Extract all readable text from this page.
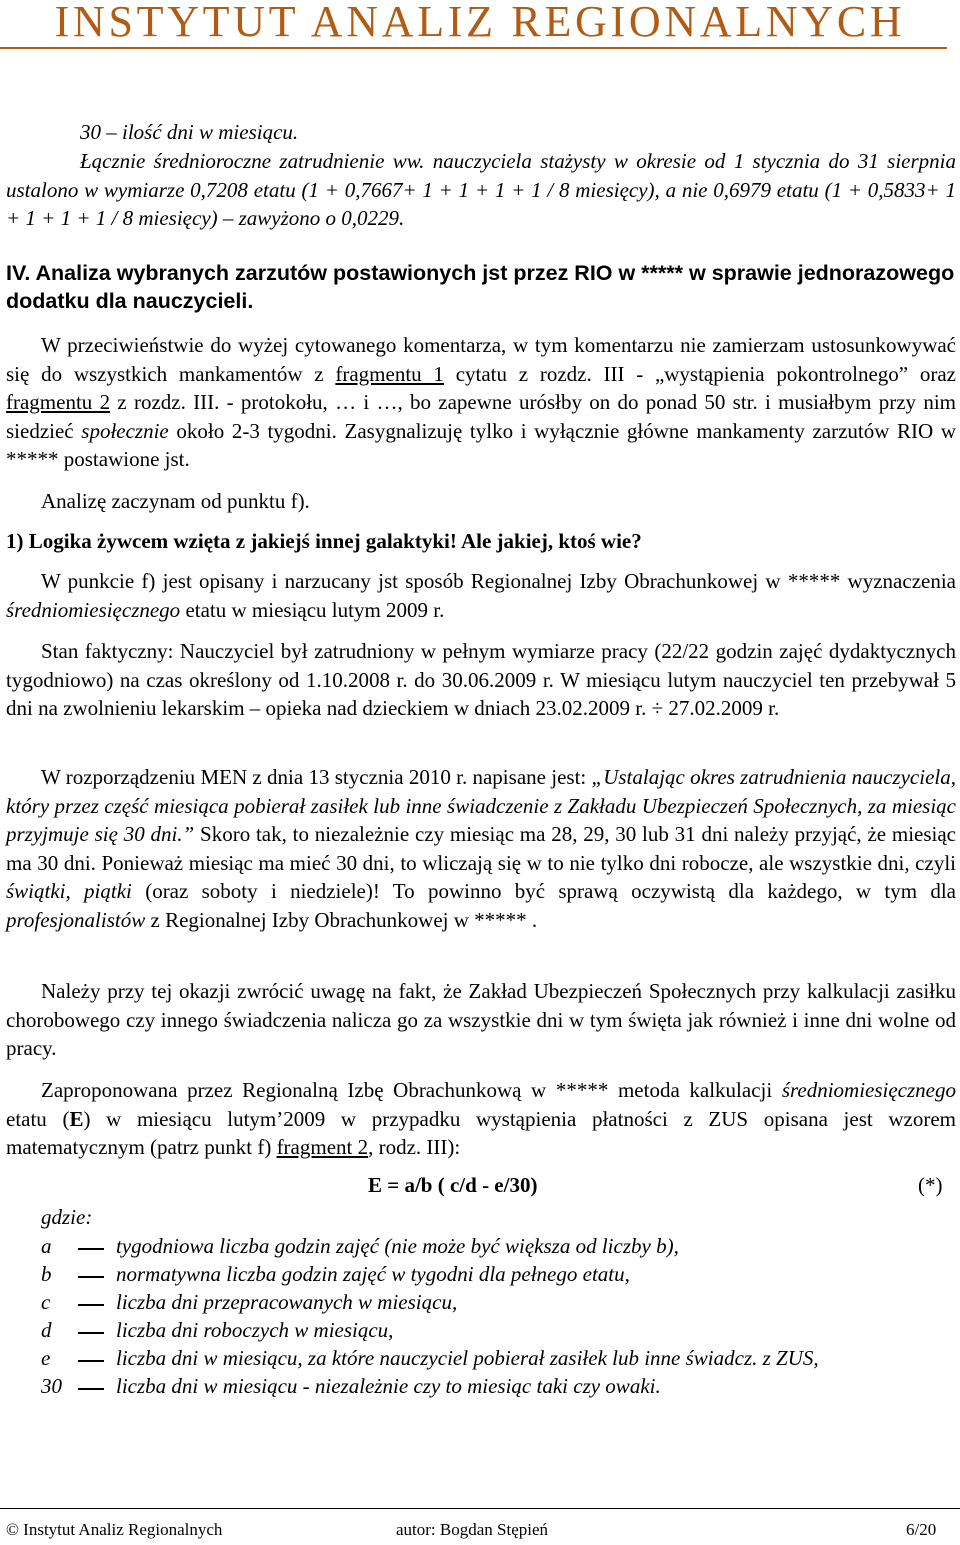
INSTYTUT ANALIZ REGIONALNYCH
30 – ilość dni w miesiącu.
Łącznie średnioroczne zatrudnienie ww. nauczyciela stażysty w okresie od 1 stycznia do 31 sierpnia ustalono w wymiarze 0,7208 etatu (1 + 0,7667+ 1 + 1 + 1 + 1 / 8 miesięcy), a nie 0,6979 etatu (1 + 0,5833+ 1 + 1 + 1 + 1 / 8 miesięcy) – zawyżono o 0,0229.
IV. Analiza wybranych zarzutów postawionych jst przez RIO w ***** w sprawie jednorazowego dodatku dla nauczycieli.
W przeciwieństwie do wyżej cytowanego komentarza, w tym komentarzu nie zamierzam ustosunkowywać się do wszystkich mankamentów z fragmentu 1 cytatu z rozdz. III - „wystąpienia pokontrolnego” oraz fragmentu 2 z rozdz. III. - protokołu, … i …, bo zapewne urósłby on do ponad 50 str. i musiałbym przy nim siedzieć społecznie około 2-3 tygodni. Zasygnalizuję tylko i wyłącznie główne mankamenty zarzutów RIO w ***** postawione jst.
Analizę zaczynam od punktu f).
1) Logika żywcem wzięta z jakiejś innej galaktyki! Ale jakiej, ktoś wie?
W punkcie f) jest opisany i narzucany jst sposób Regionalnej Izby Obrachunkowej w ***** wyznaczenia średniomiesięcznego etatu w miesiącu lutym 2009 r.
Stan faktyczny: Nauczyciel był zatrudniony w pełnym wymiarze pracy (22/22 godzin zajęć dydaktycznych tygodniowo) na czas określony od 1.10.2008 r. do 30.06.2009 r. W miesiącu lutym nauczyciel ten przebywał 5 dni na zwolnieniu lekarskim – opieka nad dzieckiem w dniach 23.02.2009 r. ÷ 27.02.2009 r.
W rozporządzeniu MEN z dnia 13 stycznia 2010 r. napisane jest: „Ustalając okres zatrudnienia nauczyciela, który przez część miesiąca pobierał zasiłek lub inne świadczenie z Zakładu Ubezpieczeń Społecznych, za miesiąc przyjmuje się 30 dni.” Skoro tak, to niezależnie czy miesiąc ma 28, 29, 30 lub 31 dni należy przyjąć, że miesiąc ma 30 dni. Ponieważ miesiąc ma mieć 30 dni, to wliczają się w to nie tylko dni robocze, ale wszystkie dni, czyli świątki, piątki (oraz soboty i niedziele)! To powinno być sprawą oczywistą dla każdego, w tym dla profesjonalistów z Regionalnej Izby Obrachunkowej w ***** .
Należy przy tej okazji zwrócić uwagę na fakt, że Zakład Ubezpieczeń Społecznych przy kalkulacji zasiłku chorobowego czy innego świadczenia nalicza go za wszystkie dni w tym święta jak również i inne dni wolne od pracy.
Zaproponowana przez Regionalną Izbę Obrachunkową w ***** metoda kalkulacji średniomiesięcznego etatu (E) w miesiącu lutym’2009 w przypadku wystąpienia płatności z ZUS opisana jest wzorem matematycznym (patrz punkt f) fragment 2, rodz. III):
E = a/b ( c/d - e/30)	(*)
gdzie:
a	tygodniowa liczba godzin zajęć (nie może być większa od liczby b),
b	normatywna liczba godzin zajęć w tygodni dla pełnego etatu,
c	liczba dni przepracowanych w miesiącu,
d	liczba dni roboczych w miesiącu,
e	liczba dni w miesiącu, za które nauczyciel pobierał zasiłek lub inne świadcz. z ZUS,
30	liczba dni w miesiącu - niezależnie czy to miesiąc taki czy owaki.
© Instytut Analiz Regionalnych	autor: Bogdan Stępień	6/20
